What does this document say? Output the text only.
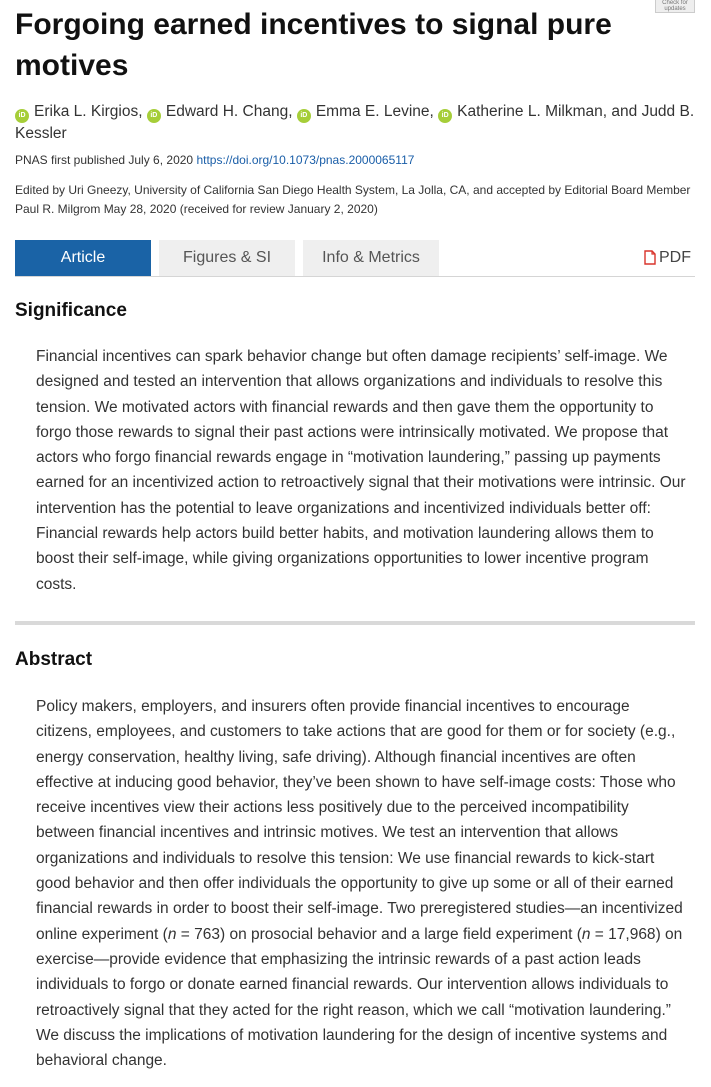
Check for updates
Forgoing earned incentives to signal pure motives
iD Erika L. Kirgios, iD Edward H. Chang, iD Emma E. Levine, iD Katherine L. Milkman, and Judd B. Kessler
PNAS first published July 6, 2020 https://doi.org/10.1073/pnas.2000065117
Edited by Uri Gneezy, University of California San Diego Health System, La Jolla, CA, and accepted by Editorial Board Member Paul R. Milgrom May 28, 2020 (received for review January 2, 2020)
Article	Figures & SI	Info & Metrics	PDF
Significance

Financial incentives can spark behavior change but often damage recipients’ self-image. We designed and tested an intervention that allows organizations and individuals to resolve this tension. We motivated actors with financial rewards and then gave them the opportunity to forgo those rewards to signal their past actions were intrinsically motivated. We propose that actors who forgo financial rewards engage in “motivation laundering,” passing up payments earned for an incentivized action to retroactively signal that their motivations were intrinsic. Our intervention has the potential to leave organizations and incentivized individuals better off: Financial rewards help actors build better habits, and motivation laundering allows them to boost their self-image, while giving organizations opportunities to lower incentive program costs.

Abstract

Policy makers, employers, and insurers often provide financial incentives to encourage citizens, employees, and customers to take actions that are good for them or for society (e.g., energy conservation, healthy living, safe driving). Although financial incentives are often effective at inducing good behavior, they’ve been shown to have self-image costs: Those who receive incentives view their actions less positively due to the perceived incompatibility between financial incentives and intrinsic motives. We test an intervention that allows organizations and individuals to resolve this tension: We use financial rewards to kick-start good behavior and then offer individuals the opportunity to give up some or all of their earned financial rewards in order to boost their self-image. Two preregistered studies—an incentivized online experiment (n = 763) on prosocial behavior and a large field experiment (n = 17,968) on exercise—provide evidence that emphasizing the intrinsic rewards of a past action leads individuals to forgo or donate earned financial rewards. Our intervention allows individuals to retroactively signal that they acted for the right reason, which we call “motivation laundering.” We discuss the implications of motivation laundering for the design of incentive systems and behavioral change.
